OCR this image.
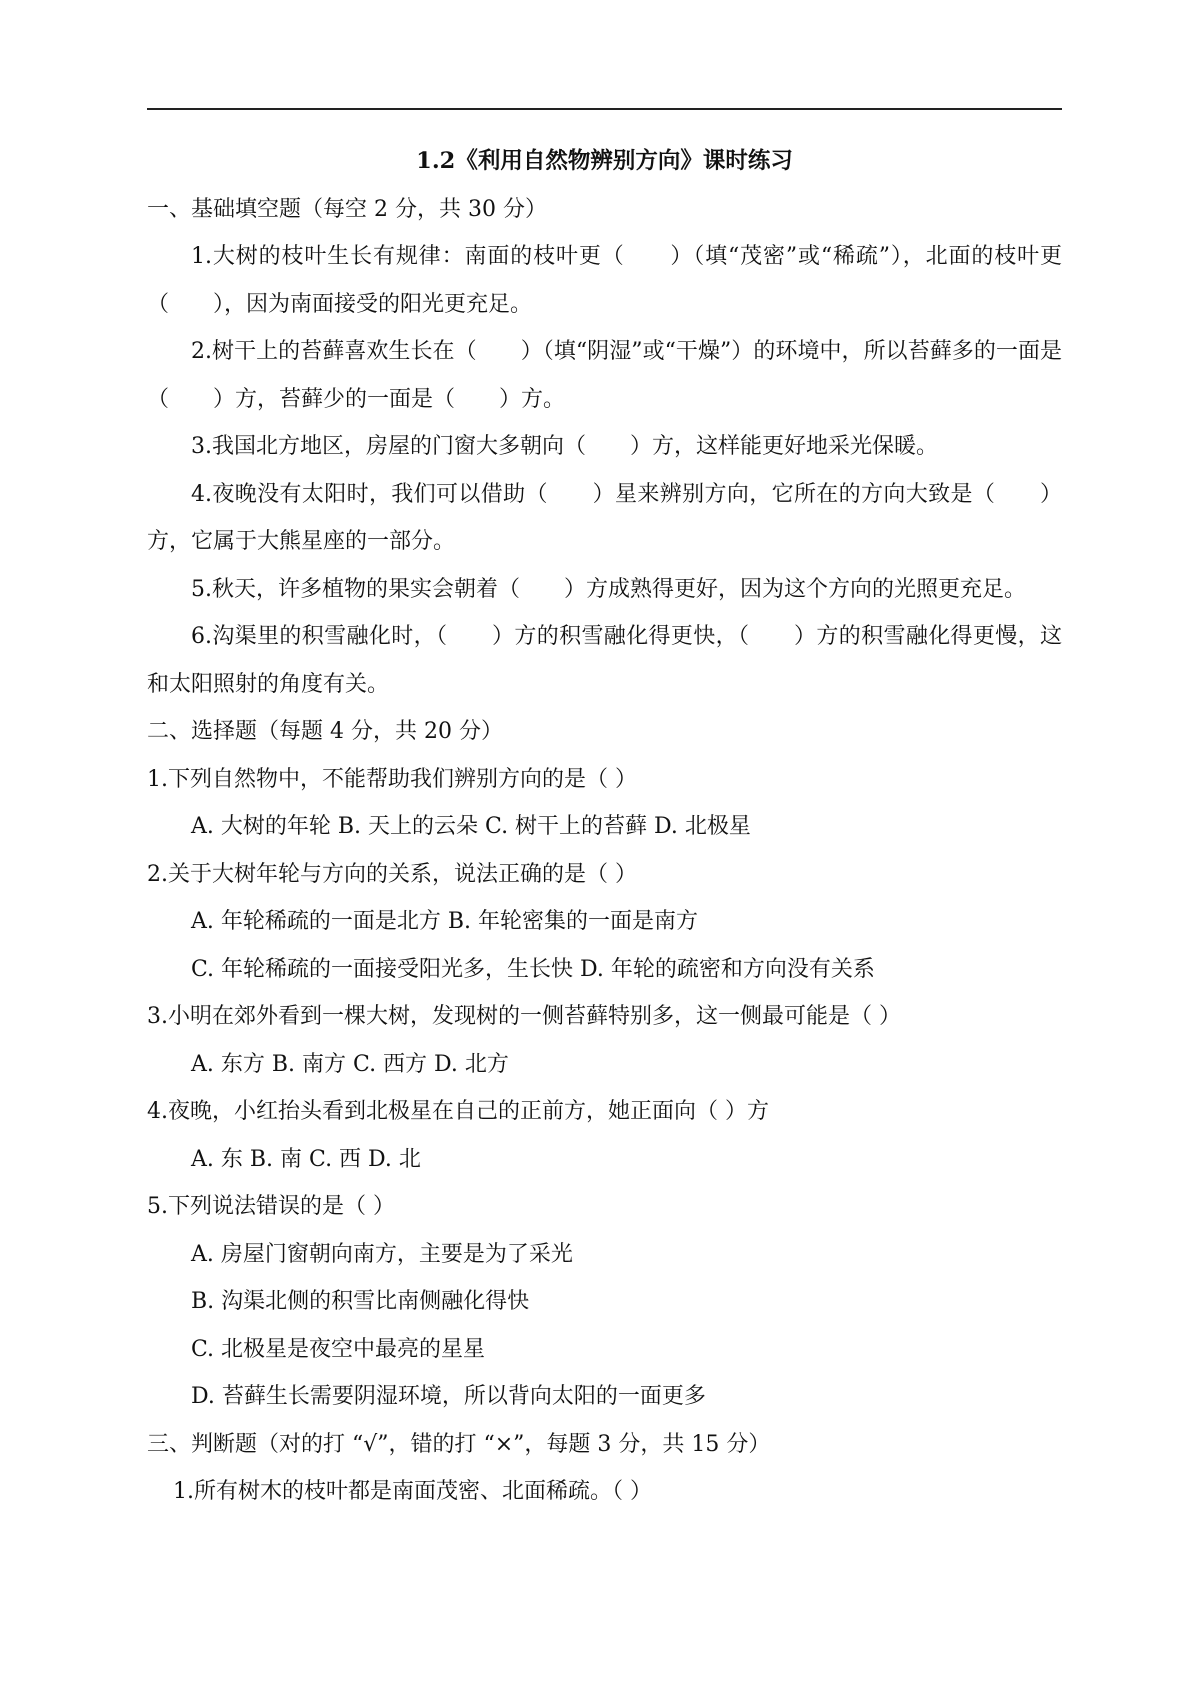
1.2《利用自然物辨别方向》课时练习

一、基础填空题（每空 2 分，共 30 分）

1.大树的枝叶生长有规律：南面的枝叶更（　　）（填“茂密”或“稀疏”），北面的枝叶更（　　），因为南面接受的阳光更充足。

2.树干上的苔藓喜欢生长在（　　）（填“阴湿”或“干燥”）的环境中，所以苔藓多的一面是（　　）方，苔藓少的一面是（　　）方。

3.我国北方地区，房屋的门窗大多朝向（　　）方，这样能更好地采光保暖。

4.夜晚没有太阳时，我们可以借助（　　）星来辨别方向，它所在的方向大致是（　　）方，它属于大熊星座的一部分。

5.秋天，许多植物的果实会朝着（　　）方成熟得更好，因为这个方向的光照更充足。

6.沟渠里的积雪融化时，（　　）方的积雪融化得更快，（　　）方的积雪融化得更慢，这和太阳照射的角度有关。

二、选择题（每题 4 分，共 20 分）

1.下列自然物中，不能帮助我们辨别方向的是（ ）

A. 大树的年轮 B. 天上的云朵 C. 树干上的苔藓 D. 北极星

2.关于大树年轮与方向的关系，说法正确的是（ ）

A. 年轮稀疏的一面是北方 B. 年轮密集的一面是南方

C. 年轮稀疏的一面接受阳光多，生长快 D. 年轮的疏密和方向没有关系

3.小明在郊外看到一棵大树，发现树的一侧苔藓特别多，这一侧最可能是（ ）

A. 东方 B. 南方 C. 西方 D. 北方

4.夜晚，小红抬头看到北极星在自己的正前方，她正面向（ ）方

A. 东 B. 南 C. 西 D. 北

5.下列说法错误的是（ ）

A. 房屋门窗朝向南方，主要是为了采光

B. 沟渠北侧的积雪比南侧融化得快

C. 北极星是夜空中最亮的星星

D. 苔藓生长需要阴湿环境，所以背向太阳的一面更多

三、判断题（对的打 “√”，错的打 “×”，每题 3 分，共 15 分）

1.所有树木的枝叶都是南面茂密、北面稀疏。（ ）
